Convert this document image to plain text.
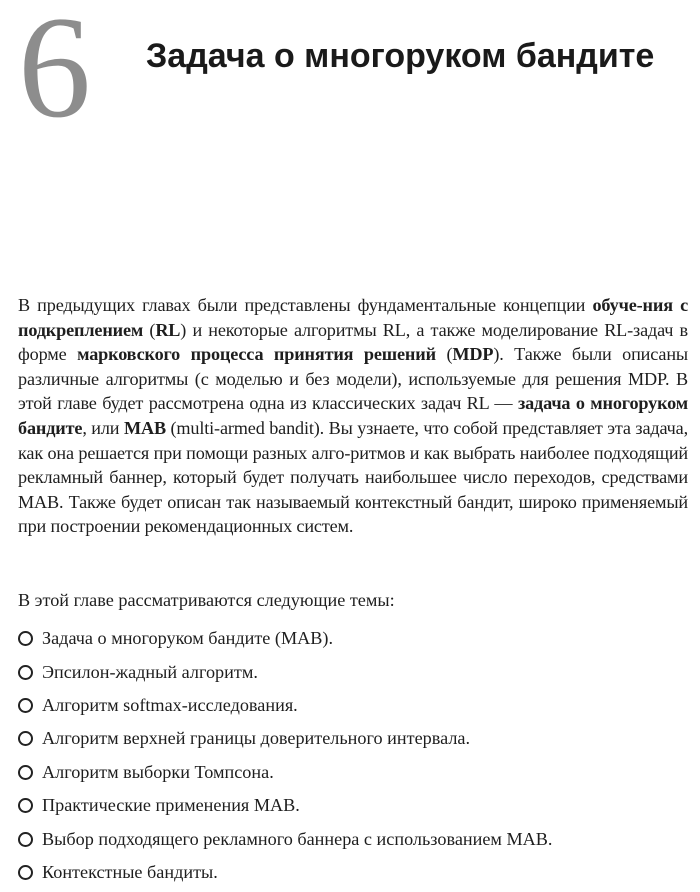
6 Задача о многоруком бандите

В предыдущих главах были представлены фундаментальные концепции обуче-ния с подкреплением (RL) и некоторые алгоритмы RL, а также моделирование RL-задач в форме марковского процесса принятия решений (MDP). Также были описаны различные алгоритмы (с моделью и без модели), используемые для решения MDP. В этой главе будет рассмотрена одна из классических задач RL — задача о многоруком бандите, или MAB (multi-armed bandit). Вы узнаете, что собой представляет эта задача, как она решается при помощи разных алго-ритмов и как выбрать наиболее подходящий рекламный баннер, который будет получать наибольшее число переходов, средствами MAB. Также будет описан так называемый контекстный бандит, широко применяемый при построении рекомендационных систем.

В этой главе рассматриваются следующие темы:

Задача о многоруком бандите (MAB).
Эпсилон-жадный алгоритм.
Алгоритм softmax-исследования.
Алгоритм верхней границы доверительного интервала.
Алгоритм выборки Томпсона.
Практические применения MAB.
Выбор подходящего рекламного баннера с использованием MAB.
Контекстные бандиты.
